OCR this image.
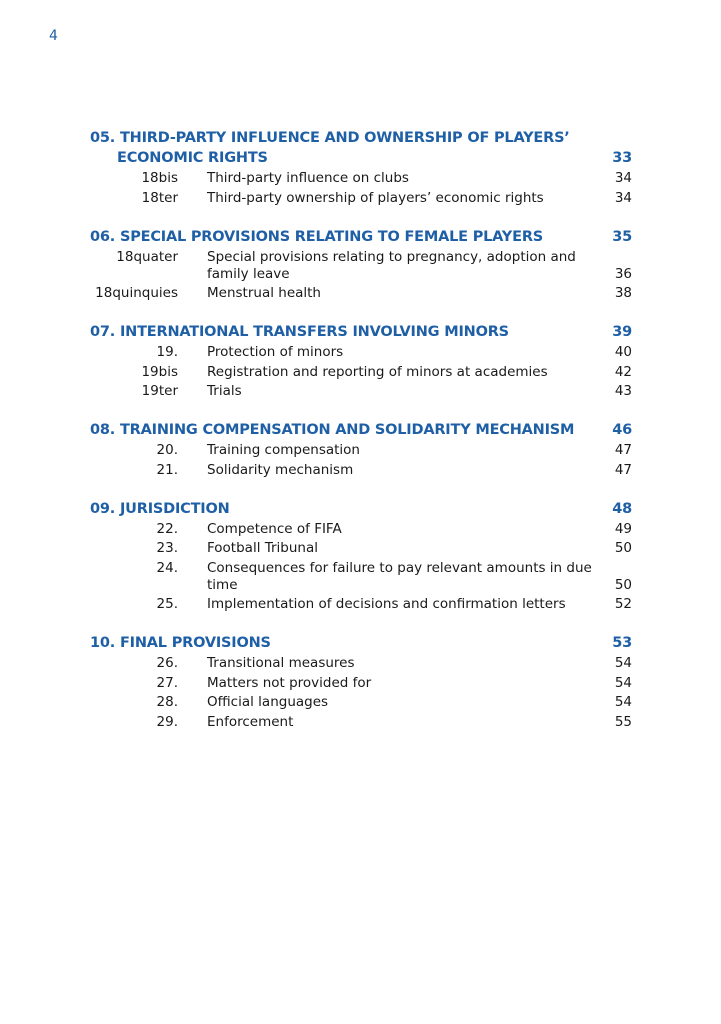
4
05. THIRD-PARTY INFLUENCE AND OWNERSHIP OF PLAYERS’
ECONOMIC RIGHTS	33
18bis Third-party influence on clubs	34
18ter Third-party ownership of players’ economic rights	34
06. SPECIAL PROVISIONS RELATING TO FEMALE PLAYERS	35
18quater Special provisions relating to pregnancy, adoption and family leave	36
18quinquies Menstrual health	38
07. INTERNATIONAL TRANSFERS INVOLVING MINORS	39
19. Protection of minors	40
19bis Registration and reporting of minors at academies	42
19ter Trials	43
08. TRAINING COMPENSATION AND SOLIDARITY MECHANISM	46
20. Training compensation	47
21. Solidarity mechanism	47
09. JURISDICTION	48
22. Competence of FIFA	49
23. Football Tribunal	50
24. Consequences for failure to pay relevant amounts in due time	50
25. Implementation of decisions and confirmation letters	52
10. FINAL PROVISIONS	53
26. Transitional measures	54
27. Matters not provided for	54
28. Official languages	54
29. Enforcement	55
